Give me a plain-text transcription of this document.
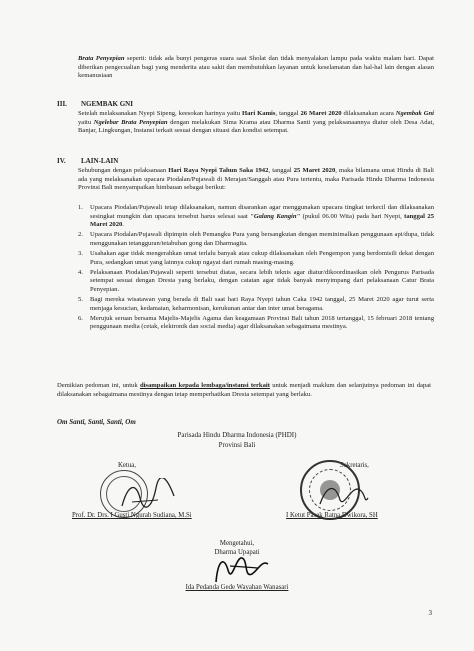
Brata Penyepian seperti: tidak ada bunyi pengeras suara saat Sholat dan tidak menyalakan lampu pada waktu malam hari. Dapat diberikan pengecualian bagi yang menderita atau sakit dan membutuhkan layanan untuk keselamatan dan hal-hal lain dengan alasan kemanusiaan
III. NGEMBAK GNI
Setelah melaksanakan Nyepi Sipeng, keesokan harinya yaitu Hari Kamis, tanggal 26 Maret 2020 dilaksanakan acara Ngembak Gni yaitu Ngelebar Brata Penyepian dengan melakukan Sima Krama atau Dharma Santi yang pelaksanaannya diatur oleh Desa Adat, Banjar, Lingkungan, Instansi terkait sesuai dengan situasi dan kondisi setempat.
IV. LAIN-LAIN
Sehubungan dengan pelaksanaan Hari Raya Nyepi Tahun Saka 1942, tanggal 25 Maret 2020, maka bilamana umat Hindu di Bali ada yang melaksanakan upacara Piodalan/Pujawali di Merajan/Sanggah atau Pura tertentu, maka Parisada Hindu Dharma Indonesia Provinsi Bali menyampaikan himbauan sebagai berikut:
1. Upacara Piodalan/Pujawali tetap dilaksanakan, namun disarankan agar menggunakan upacara tingkat terkecil dan dilaksanakan sesingkat mungkin dan upacara tersebut harus selesai saat "Galang Kangin" (pukul 06.00 Wita) pada hari Nyepi, tanggal 25 Maret 2020.
2. Upacara Piodalan/Pujawali dipimpin oleh Pemangku Pura yang bersangkutan dengan meminimalkan penggunaan api/dupa, tidak menggunakan tetangguran/tetabuhan gong dan Dharmagita.
3. Usahakan agar tidak mengerahkan umat terlalu banyak atau cukup dilaksanakan oleh Pengempon yang berdomisili dekat dengan Pura, sedangkan umat yang lainnya cukup ngayat dari rumah masing-masing.
4. Pelaksanaan Piodalan/Pujawali seperti tersebut diatas, secara lebih teknis agar diatur/dikoordinasikan oleh Pengurus Parisada setempat sesuai dengan Dresta yang berlaku, dengan catatan agar tidak banyak menyimpang dari pelaksanaan Catur Brata Penyepian.
5. Bagi mereka wisatawan yang berada di Bali saat hari Raya Nyepi tahun Caka 1942 tanggal, 25 Maret 2020 agar turut serta menjaga kesucian, kedamaian, keharmonisan, kerukunan antar dan inter umat beragama.
6. Merujuk seruan bersama Majelis-Majelis Agama dan keagamaan Provinsi Bali tahun 2018 tertanggal, 15 februari 2018 tentang penggunaan media (cetak, elektronik dan social media) agar dilaksanakan sebagaimana mestinya.
Demikian pedoman ini, untuk disampaikan kepada lembaga/instansi terkait untuk menjadi maklum dan selanjutnya pedoman ini dapat dilaksanakan sebagaimana mestinya dengan tetap memperhatikan Dresta setempat yang berlaku.
Om Santi, Santi, Santi, Om
Parisada Hindu Dharma Indonesia (PHDI)
Provinsi Bali
Ketua,	Sekretaris,
Prof. Dr. Drs. I Gusti Ngurah Sudiana, M.Si	I Ketut Pasek Ratna Dwikora, SH
Mengetahui,
Dharma Upapati
Ida Pedanda Gede Wayahan Wanasari
3
